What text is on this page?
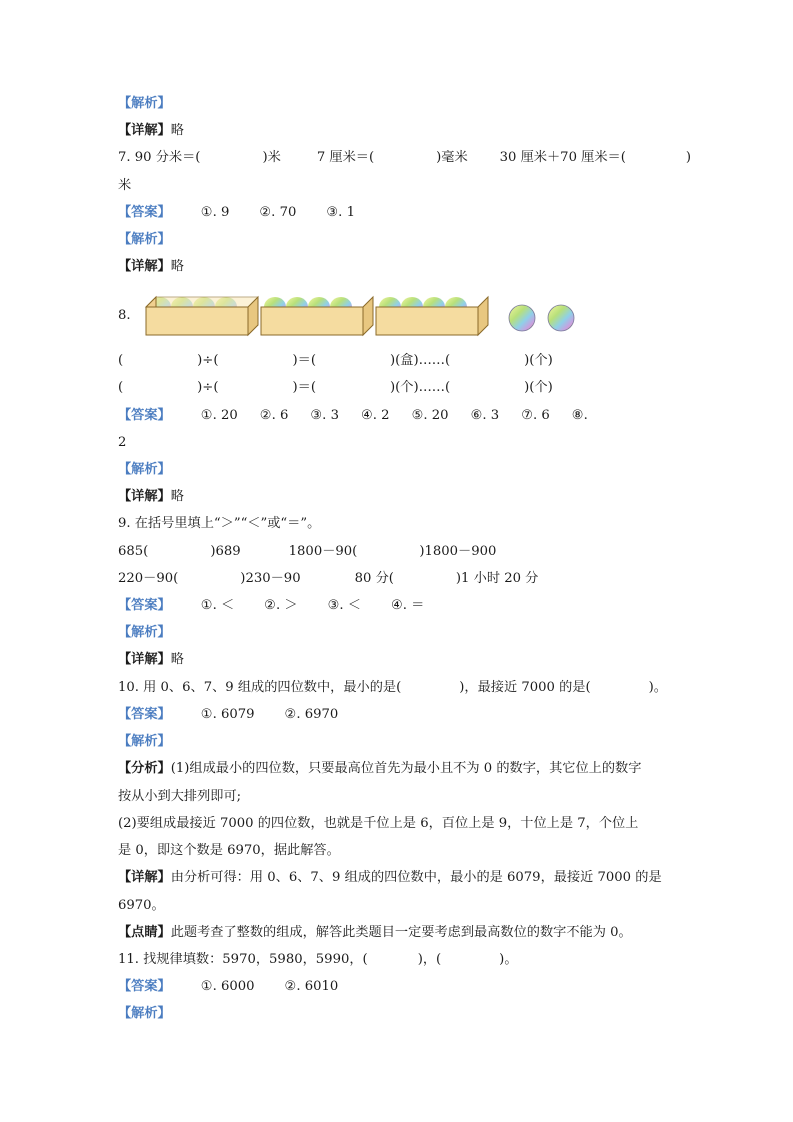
【解析】
【详解】略
7. 90 分米＝(	)米	7 厘米＝(	)毫米 30 厘米＋70 厘米＝(	)
米
【答案】 ①. 9 ②. 70 ③. 1
【解析】
【详解】略
8.
(	)÷(	)＝(	)(盒)……(	)(个)
(	)÷(	)＝(	)(个)……(	)(个)
【答案】 ①. 20 ②. 6 ③. 3 ④. 2 ⑤. 20 ⑥. 3 ⑦. 6 ⑧.
2
【解析】
【详解】略
9. 在括号里填上“＞”“＜”或“＝”。
685(	)689	1800－90(	)1800－900
220－90(	)230－90	80 分(	)1 小时 20 分
【答案】 ①. ＜ ②. ＞ ③. ＜ ④. ＝
【解析】
【详解】略
10. 用 0、6、7、9 组成的四位数中，最小的是(	)，最接近 7000 的是(	)。
【答案】 ①. 6079 ②. 6970
【解析】
【分析】(1)组成最小的四位数，只要最高位首先为最小且不为 0 的数字，其它位上的数字
按从小到大排列即可;
(2)要组成最接近 7000 的四位数，也就是千位上是 6，百位上是 9，十位上是 7，个位上
是 0，即这个数是 6970，据此解答。
【详解】由分析可得：用 0、6、7、9 组成的四位数中，最小的是 6079，最接近 7000 的是
6970。
【点睛】此题考查了整数的组成，解答此类题目一定要考虑到最高数位的数字不能为 0。
11. 找规律填数：5970，5980，5990，(	)，(	)。
【答案】 ①. 6000 ②. 6010
【解析】
